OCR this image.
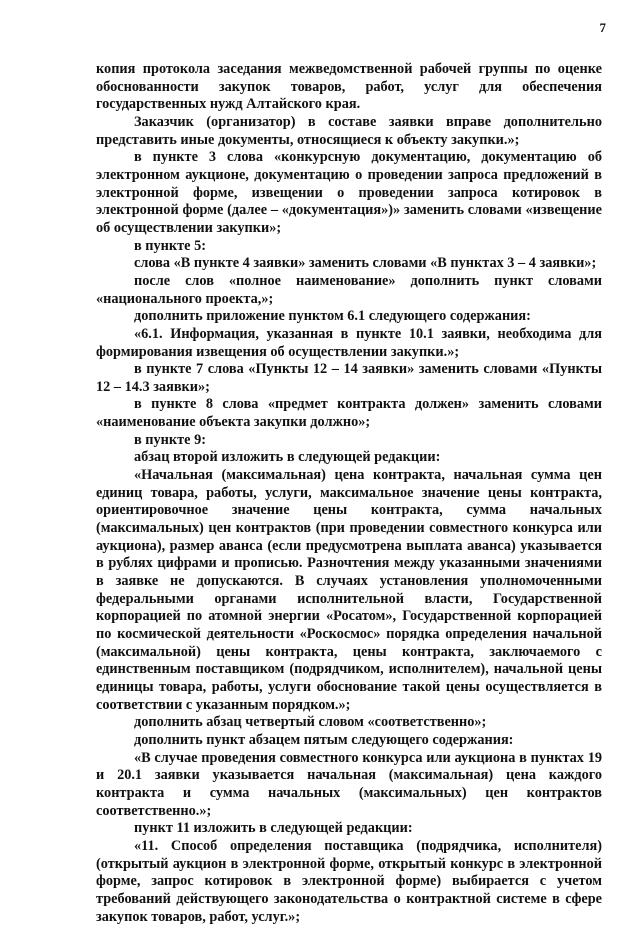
7

копия протокола заседания межведомственной рабочей группы по оценке обоснованности закупок товаров, работ, услуг для обеспечения государственных нужд Алтайского края.

Заказчик (организатор) в составе заявки вправе дополнительно представить иные документы, относящиеся к объекту закупки.»;

в пункте 3 слова «конкурсную документацию, документацию об электронном аукционе, документацию о проведении запроса предложений в электронной форме, извещении о проведении запроса котировок в электронной форме (далее – «документация»)» заменить словами «извещение об осуществлении закупки»;

в пункте 5:

слова «В пункте 4 заявки» заменить словами «В пунктах 3 – 4 заявки»;

после слов «полное наименование» дополнить пункт словами «национального проекта,»;

дополнить приложение пунктом 6.1 следующего содержания:

«6.1. Информация, указанная в пункте 10.1 заявки, необходима для формирования извещения об осуществлении закупки.»;

в пункте 7 слова «Пункты 12 – 14 заявки» заменить словами «Пункты 12 – 14.3 заявки»;

в пункте 8 слова «предмет контракта должен» заменить словами «наименование объекта закупки должно»;

в пункте 9:

абзац второй изложить в следующей редакции:

«Начальная (максимальная) цена контракта, начальная сумма цен единиц товара, работы, услуги, максимальное значение цены контракта, ориентировочное значение цены контракта, сумма начальных (максимальных) цен контрактов (при проведении совместного конкурса или аукциона), размер аванса (если предусмотрена выплата аванса) указывается в рублях цифрами и прописью. Разночтения между указанными значениями в заявке не допускаются. В случаях установления уполномоченными федеральными органами исполнительной власти, Государственной корпорацией по атомной энергии «Росатом», Государственной корпорацией по космической деятельности «Роскосмос» порядка определения начальной (максимальной) цены контракта, цены контракта, заключаемого с единственным поставщиком (подрядчиком, исполнителем), начальной цены единицы товара, работы, услуги обоснование такой цены осуществляется в соответствии с указанным порядком.»;

дополнить абзац четвертый словом «соответственно»;

дополнить пункт абзацем пятым следующего содержания:

«В случае проведения совместного конкурса или аукциона в пунктах 19 и 20.1 заявки указывается начальная (максимальная) цена каждого контракта и сумма начальных (максимальных) цен контрактов соответственно.»;

пункт 11 изложить в следующей редакции:

«11. Способ определения поставщика (подрядчика, исполнителя) (открытый аукцион в электронной форме, открытый конкурс в электронной форме, запрос котировок в электронной форме) выбирается с учетом требований действующего законодательства о контрактной системе в сфере закупок товаров, работ, услуг.»;
